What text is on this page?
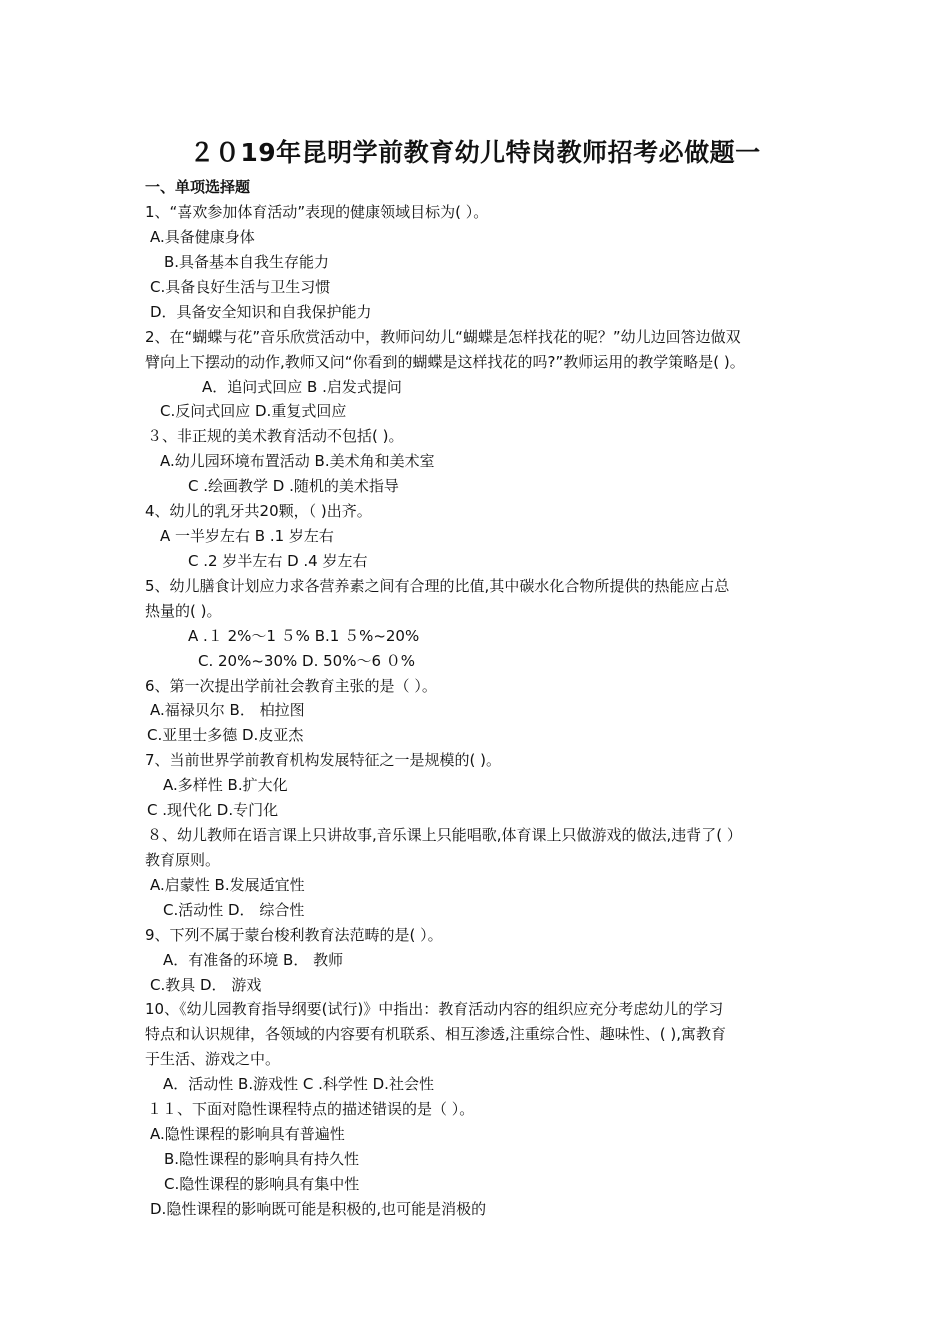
２０19年昆明学前教育幼儿特岗教师招考必做题一
一、单项选择题
1、“喜欢参加体育活动”表现的健康领域目标为( ）。
A.具备健康身体
B.具备基本自我生存能力
C.具备良好生活与卫生习惯
D．具备安全知识和自我保护能力
2、在“蝴蝶与花”音乐欣赏活动中，教师问幼儿“蝴蝶是怎样找花的呢？”幼儿边回答边做双
臂向上下摆动的动作,教师又问“你看到的蝴蝶是这样找花的吗?”教师运用的教学策略是( )。
A．追问式回应 B .启发式提问
C.反问式回应 D.重复式回应
３、非正规的美术教育活动不包括( )。
A.幼儿园环境布置活动 B.美术角和美术室
C .绘画教学 D .随机的美术指导
4、幼儿的乳牙共20颗，（ )出齐。
A 一半岁左右 B .1 岁左右
C .2 岁半左右 D .4 岁左右
5、幼儿膳食计划应力求各营养素之间有合理的比值,其中碳水化合物所提供的热能应占总
热量的( )。
A .１ 2%～1 ５% B.1 ５%~20%
C. 20%~30% D. 50%～6 ０%
6、第一次提出学前社会教育主张的是（ ）。
A.福禄贝尔 B． 柏拉图
C.亚里士多德 D.皮亚杰
7、当前世界学前教育机构发展特征之一是规模的( )。
A.多样性 B.扩大化
C .现代化 D.专门化
８、幼儿教师在语言课上只讲故事,音乐课上只能唱歌,体育课上只做游戏的做法,违背了( ）
教育原则。
A.启蒙性 B.发展适宜性
C.活动性 D． 综合性
9、下列不属于蒙台梭利教育法范畴的是( ）。
A．有准备的环境 B． 教师
C.教具 D． 游戏
10、《幼儿园教育指导纲要(试行)》中指出：教育活动内容的组织应充分考虑幼儿的学习
特点和认识规律，各领域的内容要有机联系、相互渗透,注重综合性、趣味性、( ),寓教育
于生活、游戏之中。
A．活动性 B.游戏性 C .科学性 D.社会性
１１、下面对隐性课程特点的描述错误的是（ ）。
A.隐性课程的影响具有普遍性
B.隐性课程的影响具有持久性
C.隐性课程的影响具有集中性
D.隐性课程的影响既可能是积极的,也可能是消极的
